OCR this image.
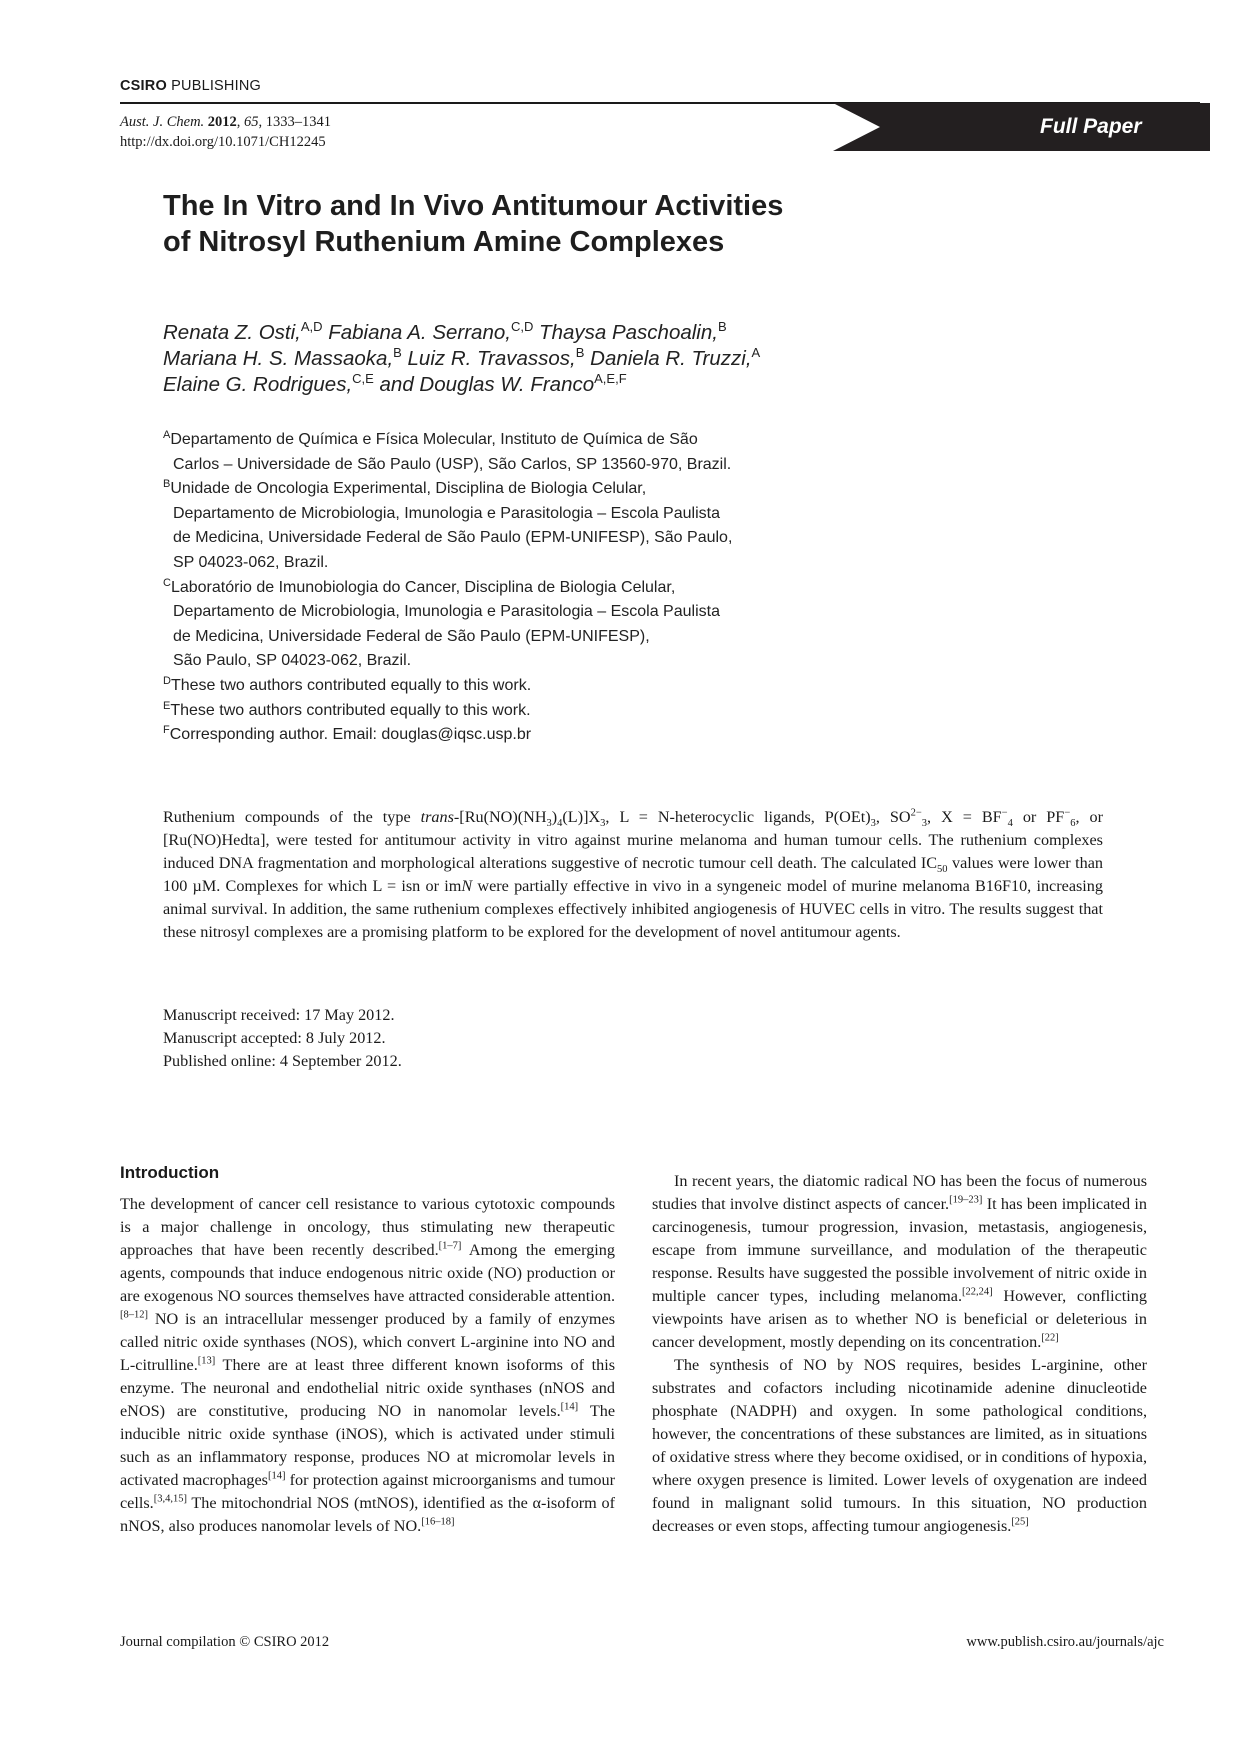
CSIRO PUBLISHING
Aust. J. Chem. 2012, 65, 1333–1341
http://dx.doi.org/10.1071/CH12245
Full Paper
The In Vitro and In Vivo Antitumour Activities
of Nitrosyl Ruthenium Amine Complexes
Renata Z. Osti,$^{A,D}$ Fabiana A. Serrano,$^{C,D}$ Thaysa Paschoalin,$^B$
Mariana H. S. Massaoka,$^B$ Luiz R. Travassos,$^B$ Daniela R. Truzzi,$^A$
Elaine G. Rodrigues,$^{C,E}$ and Douglas W. Franco$^{A,E,F}$
$^A$Departamento de Química e Física Molecular, Instituto de Química de São
Carlos – Universidade de São Paulo (USP), São Carlos, SP 13560-970, Brazil.
$^B$Unidade de Oncologia Experimental, Disciplina de Biologia Celular,
Departamento de Microbiologia, Imunologia e Parasitologia – Escola Paulista
de Medicina, Universidade Federal de São Paulo (EPM-UNIFESP), São Paulo,
SP 04023-062, Brazil.
$^C$Laboratório de Imunobiologia do Cancer, Disciplina de Biologia Celular,
Departamento de Microbiologia, Imunologia e Parasitologia – Escola Paulista
de Medicina, Universidade Federal de São Paulo (EPM-UNIFESP),
São Paulo, SP 04023-062, Brazil.
$^D$These two authors contributed equally to this work.
$^E$These two authors contributed equally to this work.
$^F$Corresponding author. Email: douglas@iqsc.usp.br
Ruthenium compounds of the type trans-$[Ru(NO)(NH_3)_4(L)]X_3$, L = N-heterocyclic ligands, $P(OEt)_3$, $SO^{2-}_3$, $X = BF^-_4$ or $PF^-_6$, or [Ru(NO)Hedta], were tested for antitumour activity in vitro against murine melanoma and human tumour cells. The ruthenium complexes induced DNA fragmentation and morphological alterations suggestive of necrotic tumour cell death. The calculated $IC_{50}$ values were lower than 100 µM. Complexes for which L = isn or imN were partially effective in vivo in a syngeneic model of murine melanoma B16F10, increasing animal survival. In addition, the same ruthenium complexes effectively inhibited angiogenesis of HUVEC cells in vitro. The results suggest that these nitrosyl complexes are a promising platform to be explored for the development of novel antitumour agents.
Manuscript received: 17 May 2012.
Manuscript accepted: 8 July 2012.
Published online: 4 September 2012.
Introduction

The development of cancer cell resistance to various cytotoxic compounds is a major challenge in oncology, thus stimulating new therapeutic approaches that have been recently described.[1–7] Among the emerging agents, compounds that induce endogenous nitric oxide (NO) production or are exogenous NO sources themselves have attracted considerable attention.[8–12] NO is an intracellular messenger produced by a family of enzymes called nitric oxide synthases (NOS), which convert L-arginine into NO and L-citrulline.[13] There are at least three different known isoforms of this enzyme. The neuronal and endothelial nitric oxide synthases (nNOS and eNOS) are constitutive, producing NO in nanomolar levels.[14] The inducible nitric oxide synthase (iNOS), which is activated under stimuli such as an inflammatory response, produces NO at micromolar levels in activated macrophages[14] for protection against microorganisms and tumour cells.[3,4,15] The mitochondrial NOS (mtNOS), identified as the α-isoform of nNOS, also produces nanomolar levels of NO.[16–18]

In recent years, the diatomic radical NO has been the focus of numerous studies that involve distinct aspects of cancer.[19–23] It has been implicated in carcinogenesis, tumour progression, invasion, metastasis, angiogenesis, escape from immune surveillance, and modulation of the therapeutic response. Results have suggested the possible involvement of nitric oxide in multiple cancer types, including melanoma.[22,24] However, conflicting viewpoints have arisen as to whether NO is beneficial or deleterious in cancer development, mostly depending on its concentration.[22]

The synthesis of NO by NOS requires, besides L-arginine, other substrates and cofactors including nicotinamide adenine dinucleotide phosphate (NADPH) and oxygen. In some pathological conditions, however, the concentrations of these substances are limited, as in situations of oxidative stress where they become oxidised, or in conditions of hypoxia, where oxygen presence is limited. Lower levels of oxygenation are indeed found in malignant solid tumours. In this situation, NO production decreases or even stops, affecting tumour angiogenesis.[25]

Journal compilation © CSIRO 2012	www.publish.csiro.au/journals/ajc
